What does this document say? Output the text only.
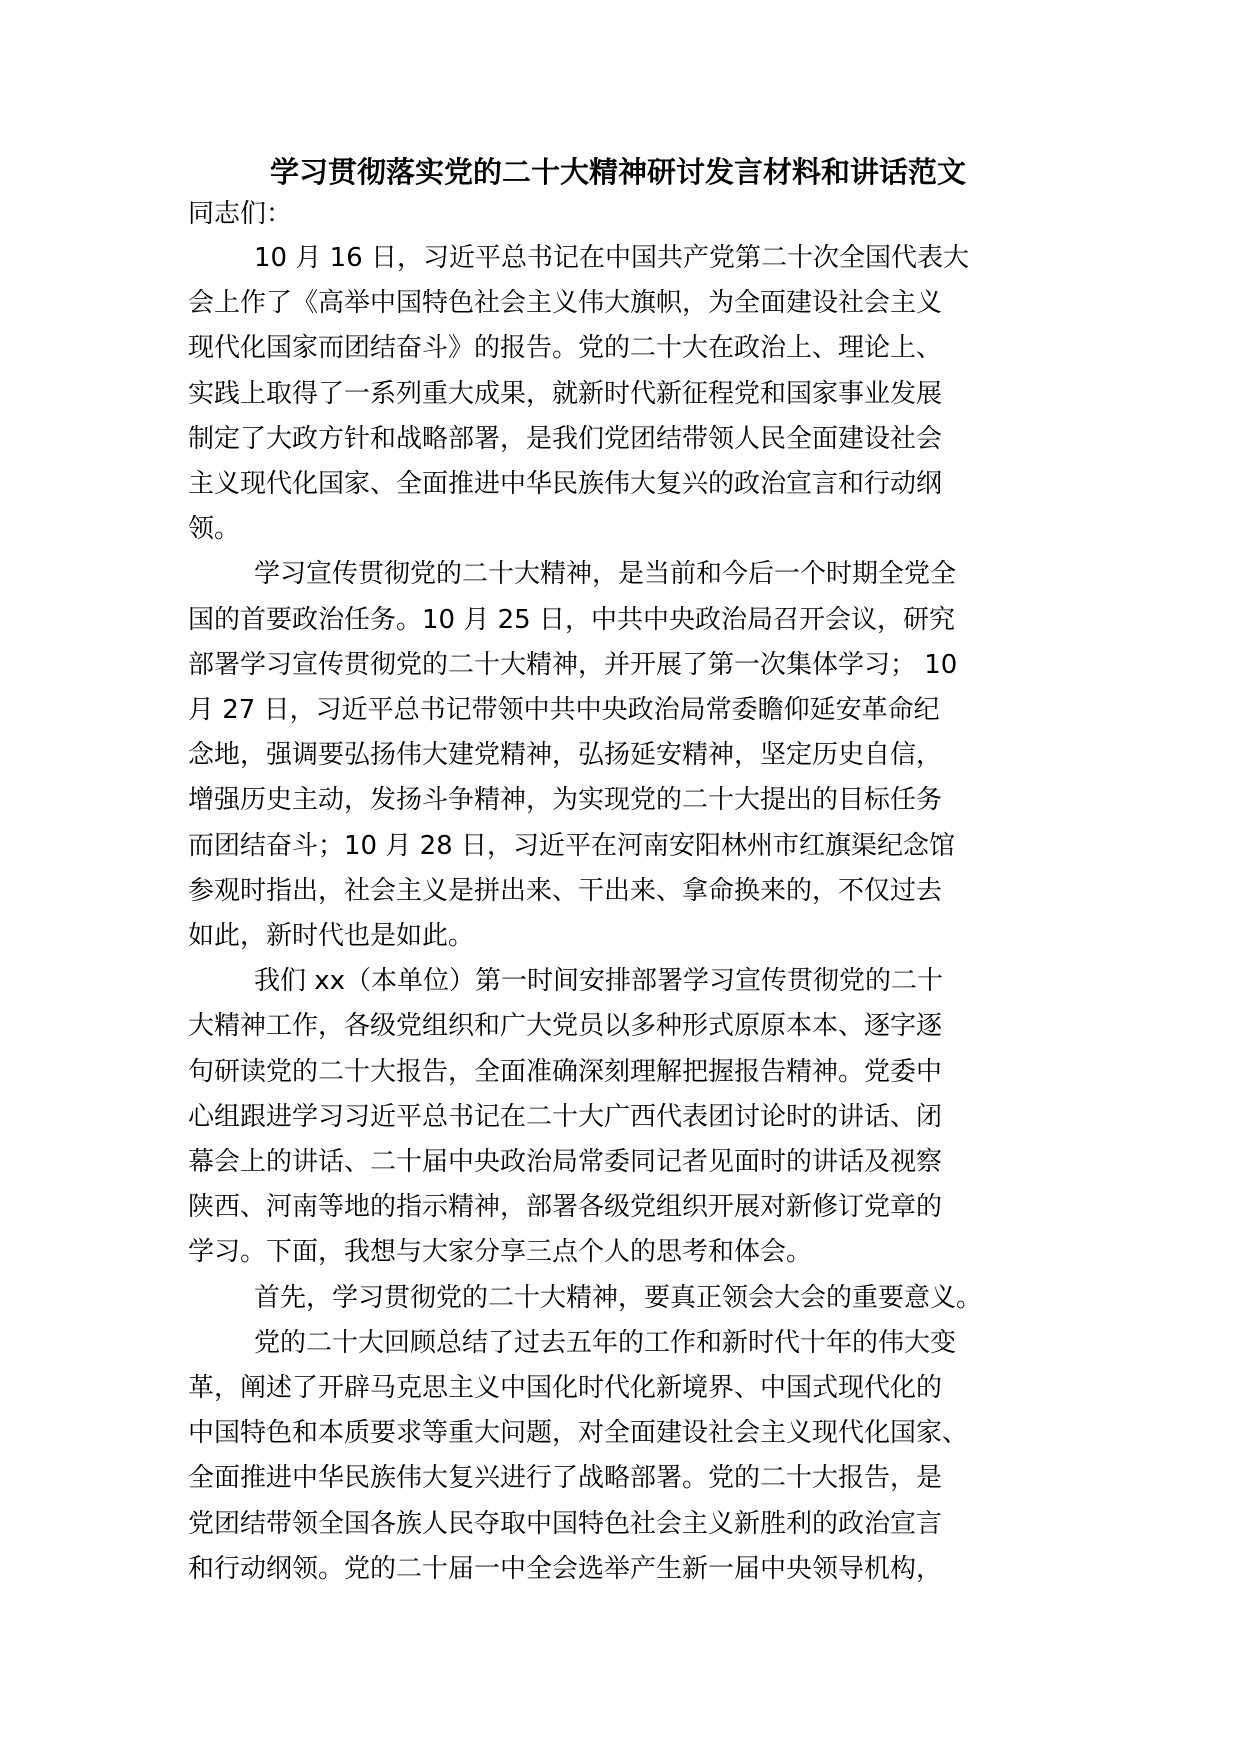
学习贯彻落实党的二十大精神研讨发言材料和讲话范文
同志们：
10 月 16 日，习近平总书记在中国共产党第二十次全国代表大
会上作了《高举中国特色社会主义伟大旗帜，为全面建设社会主义
现代化国家而团结奋斗》的报告。党的二十大在政治上、理论上、
实践上取得了一系列重大成果，就新时代新征程党和国家事业发展
制定了大政方针和战略部署，是我们党团结带领人民全面建设社会
主义现代化国家、全面推进中华民族伟大复兴的政治宣言和行动纲
领。
学习宣传贯彻党的二十大精神，是当前和今后一个时期全党全
国的首要政治任务。10 月 25 日，中共中央政治局召开会议，研究
部署学习宣传贯彻党的二十大精神，并开展了第一次集体学习； 10
月 27 日，习近平总书记带领中共中央政治局常委瞻仰延安革命纪
念地，强调要弘扬伟大建党精神，弘扬延安精神，坚定历史自信，
增强历史主动，发扬斗争精神，为实现党的二十大提出的目标任务
而团结奋斗；10 月 28 日，习近平在河南安阳林州市红旗渠纪念馆
参观时指出，社会主义是拼出来、干出来、拿命换来的，不仅过去
如此，新时代也是如此。
我们 xx（本单位）第一时间安排部署学习宣传贯彻党的二十
大精神工作，各级党组织和广大党员以多种形式原原本本、逐字逐
句研读党的二十大报告，全面准确深刻理解把握报告精神。党委中
心组跟进学习习近平总书记在二十大广西代表团讨论时的讲话、闭
幕会上的讲话、二十届中央政治局常委同记者见面时的讲话及视察
陕西、河南等地的指示精神，部署各级党组织开展对新修订党章的
学习。下面，我想与大家分享三点个人的思考和体会。
首先，学习贯彻党的二十大精神，要真正领会大会的重要意义。
党的二十大回顾总结了过去五年的工作和新时代十年的伟大变
革，阐述了开辟马克思主义中国化时代化新境界、中国式现代化的
中国特色和本质要求等重大问题，对全面建设社会主义现代化国家、
全面推进中华民族伟大复兴进行了战略部署。党的二十大报告，是
党团结带领全国各族人民夺取中国特色社会主义新胜利的政治宣言
和行动纲领。党的二十届一中全会选举产生新一届中央领导机构，
